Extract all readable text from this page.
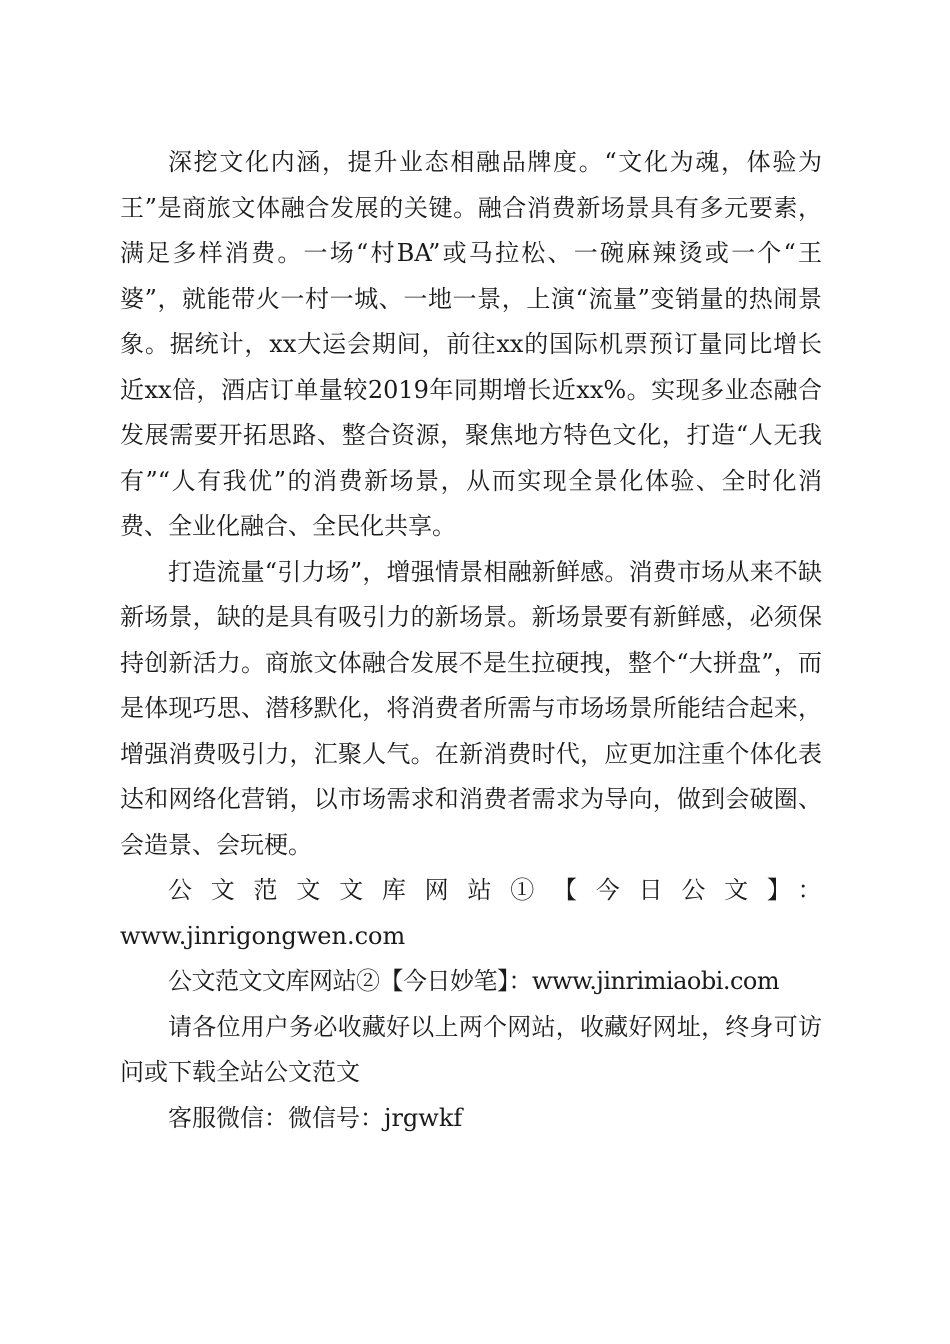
深挖文化内涵，提升业态相融品牌度。“文化为魂，体验为王”是商旅文体融合发展的关键。融合消费新场景具有多元要素，满足多样消费。一场“村BA”或马拉松、一碗麻辣烫或一个“王婆”，就能带火一村一城、一地一景，上演“流量”变销量的热闹景象。据统计，xx大运会期间，前往xx的国际机票预订量同比增长近xx倍，酒店订单量较2019年同期增长近xx%。实现多业态融合发展需要开拓思路、整合资源，聚焦地方特色文化，打造“人无我有”“人有我优”的消费新场景，从而实现全景化体验、全时化消费、全业化融合、全民化共享。

打造流量“引力场”，增强情景相融新鲜感。消费市场从来不缺新场景，缺的是具有吸引力的新场景。新场景要有新鲜感，必须保持创新活力。商旅文体融合发展不是生拉硬拽，整个“大拼盘”，而是体现巧思、潜移默化，将消费者所需与市场场景所能结合起来，增强消费吸引力，汇聚人气。在新消费时代，应更加注重个体化表达和网络化营销，以市场需求和消费者需求为导向，做到会破圈、会造景、会玩梗。

公文范文文库网站①【今日公文】：

www.jinrigongwen.com

公文范文文库网站②【今日妙笔】：www.jinrimiaobi.com

请各位用户务必收藏好以上两个网站，收藏好网址，终身可访问或下载全站公文范文

客服微信：微信号：jrgwkf
